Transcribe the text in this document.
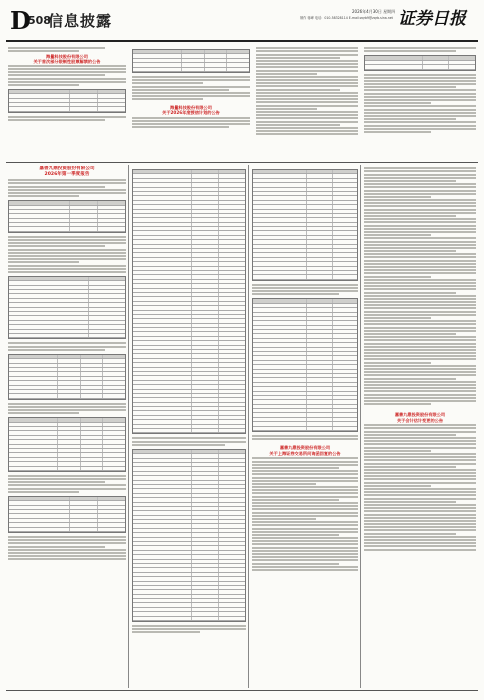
D
508
信息披露
2026年4月30日 星期四
制作 蒋峰 电话：010-58328114 E-mail:zqrb9@zqrb.sina.net 证券日报
海量科技股份有限公司
关于首次部分限制性股票解禁的公告
海量科技股份有限公司
关于2026年度授信计划的公告
嘉善九鼎投资股份有限公司
2026年第一季度报告
嘉善九鼎投资股份有限公司
关于上海证券交易所问询函回复的公告
嘉善九鼎投资股份有限公司
关于会计估计变更的公告
